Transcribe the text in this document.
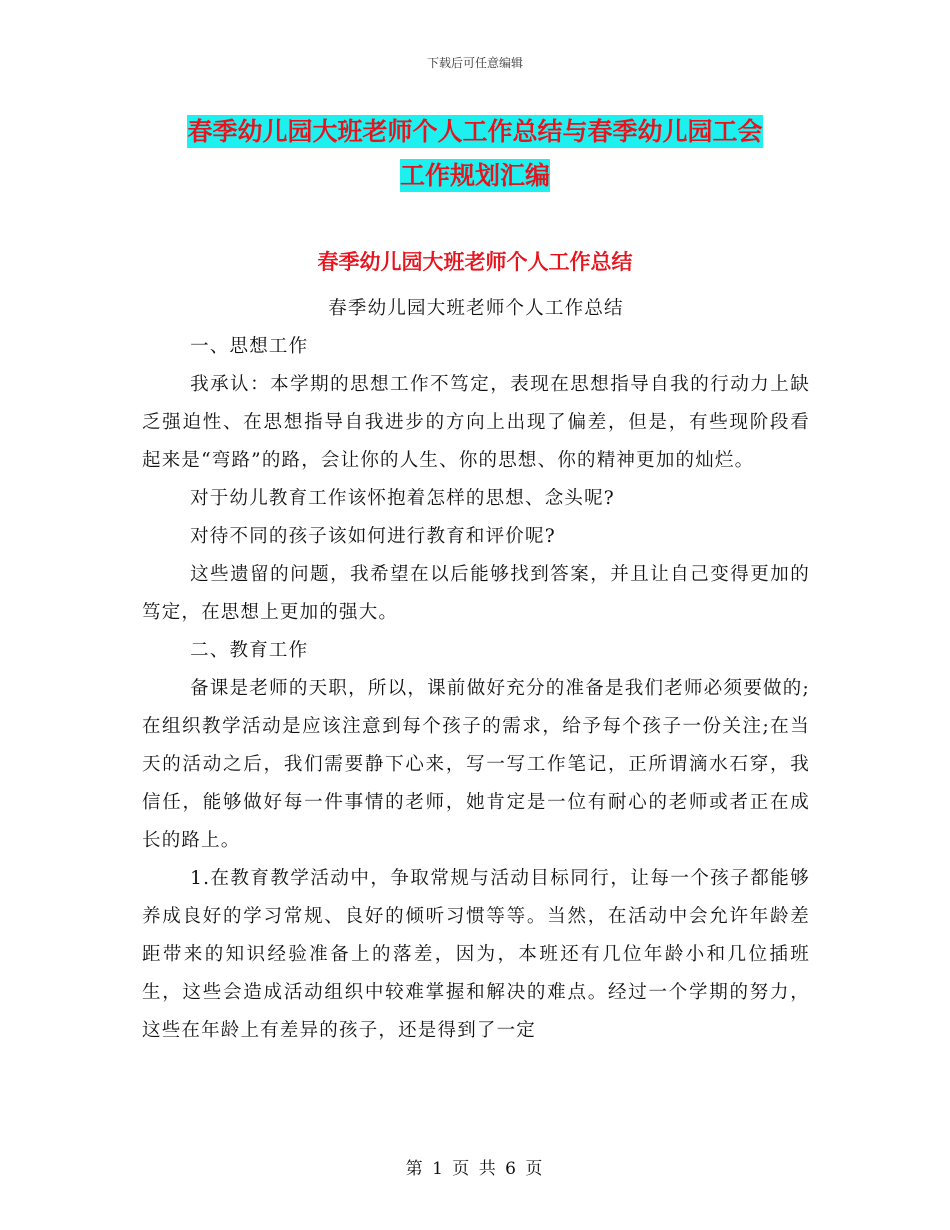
下载后可任意编辑
春季幼儿园大班老师个人工作总结与春季幼儿园工会
工作规划汇编
春季幼儿园大班老师个人工作总结

春季幼儿园大班老师个人工作总结

一、思想工作

我承认：本学期的思想工作不笃定，表现在思想指导自我的行动力上缺乏强迫性、在思想指导自我进步的方向上出现了偏差，但是，有些现阶段看起来是“弯路”的路，会让你的人生、你的思想、你的精神更加的灿烂。

对于幼儿教育工作该怀抱着怎样的思想、念头呢?

对待不同的孩子该如何进行教育和评价呢?

这些遗留的问题，我希望在以后能够找到答案，并且让自己变得更加的笃定，在思想上更加的强大。

二、教育工作

备课是老师的天职，所以，课前做好充分的准备是我们老师必须要做的;在组织教学活动是应该注意到每个孩子的需求，给予每个孩子一份关注;在当天的活动之后，我们需要静下心来，写一写工作笔记，正所谓滴水石穿，我信任，能够做好每一件事情的老师，她肯定是一位有耐心的老师或者正在成长的路上。

1.在教育教学活动中，争取常规与活动目标同行，让每一个孩子都能够养成良好的学习常规、良好的倾听习惯等等。当然，在活动中会允许年龄差距带来的知识经验准备上的落差，因为，本班还有几位年龄小和几位插班生，这些会造成活动组织中较难掌握和解决的难点。经过一个学期的努力，这些在年龄上有差异的孩子，还是得到了一定

第 1 页 共 6 页
